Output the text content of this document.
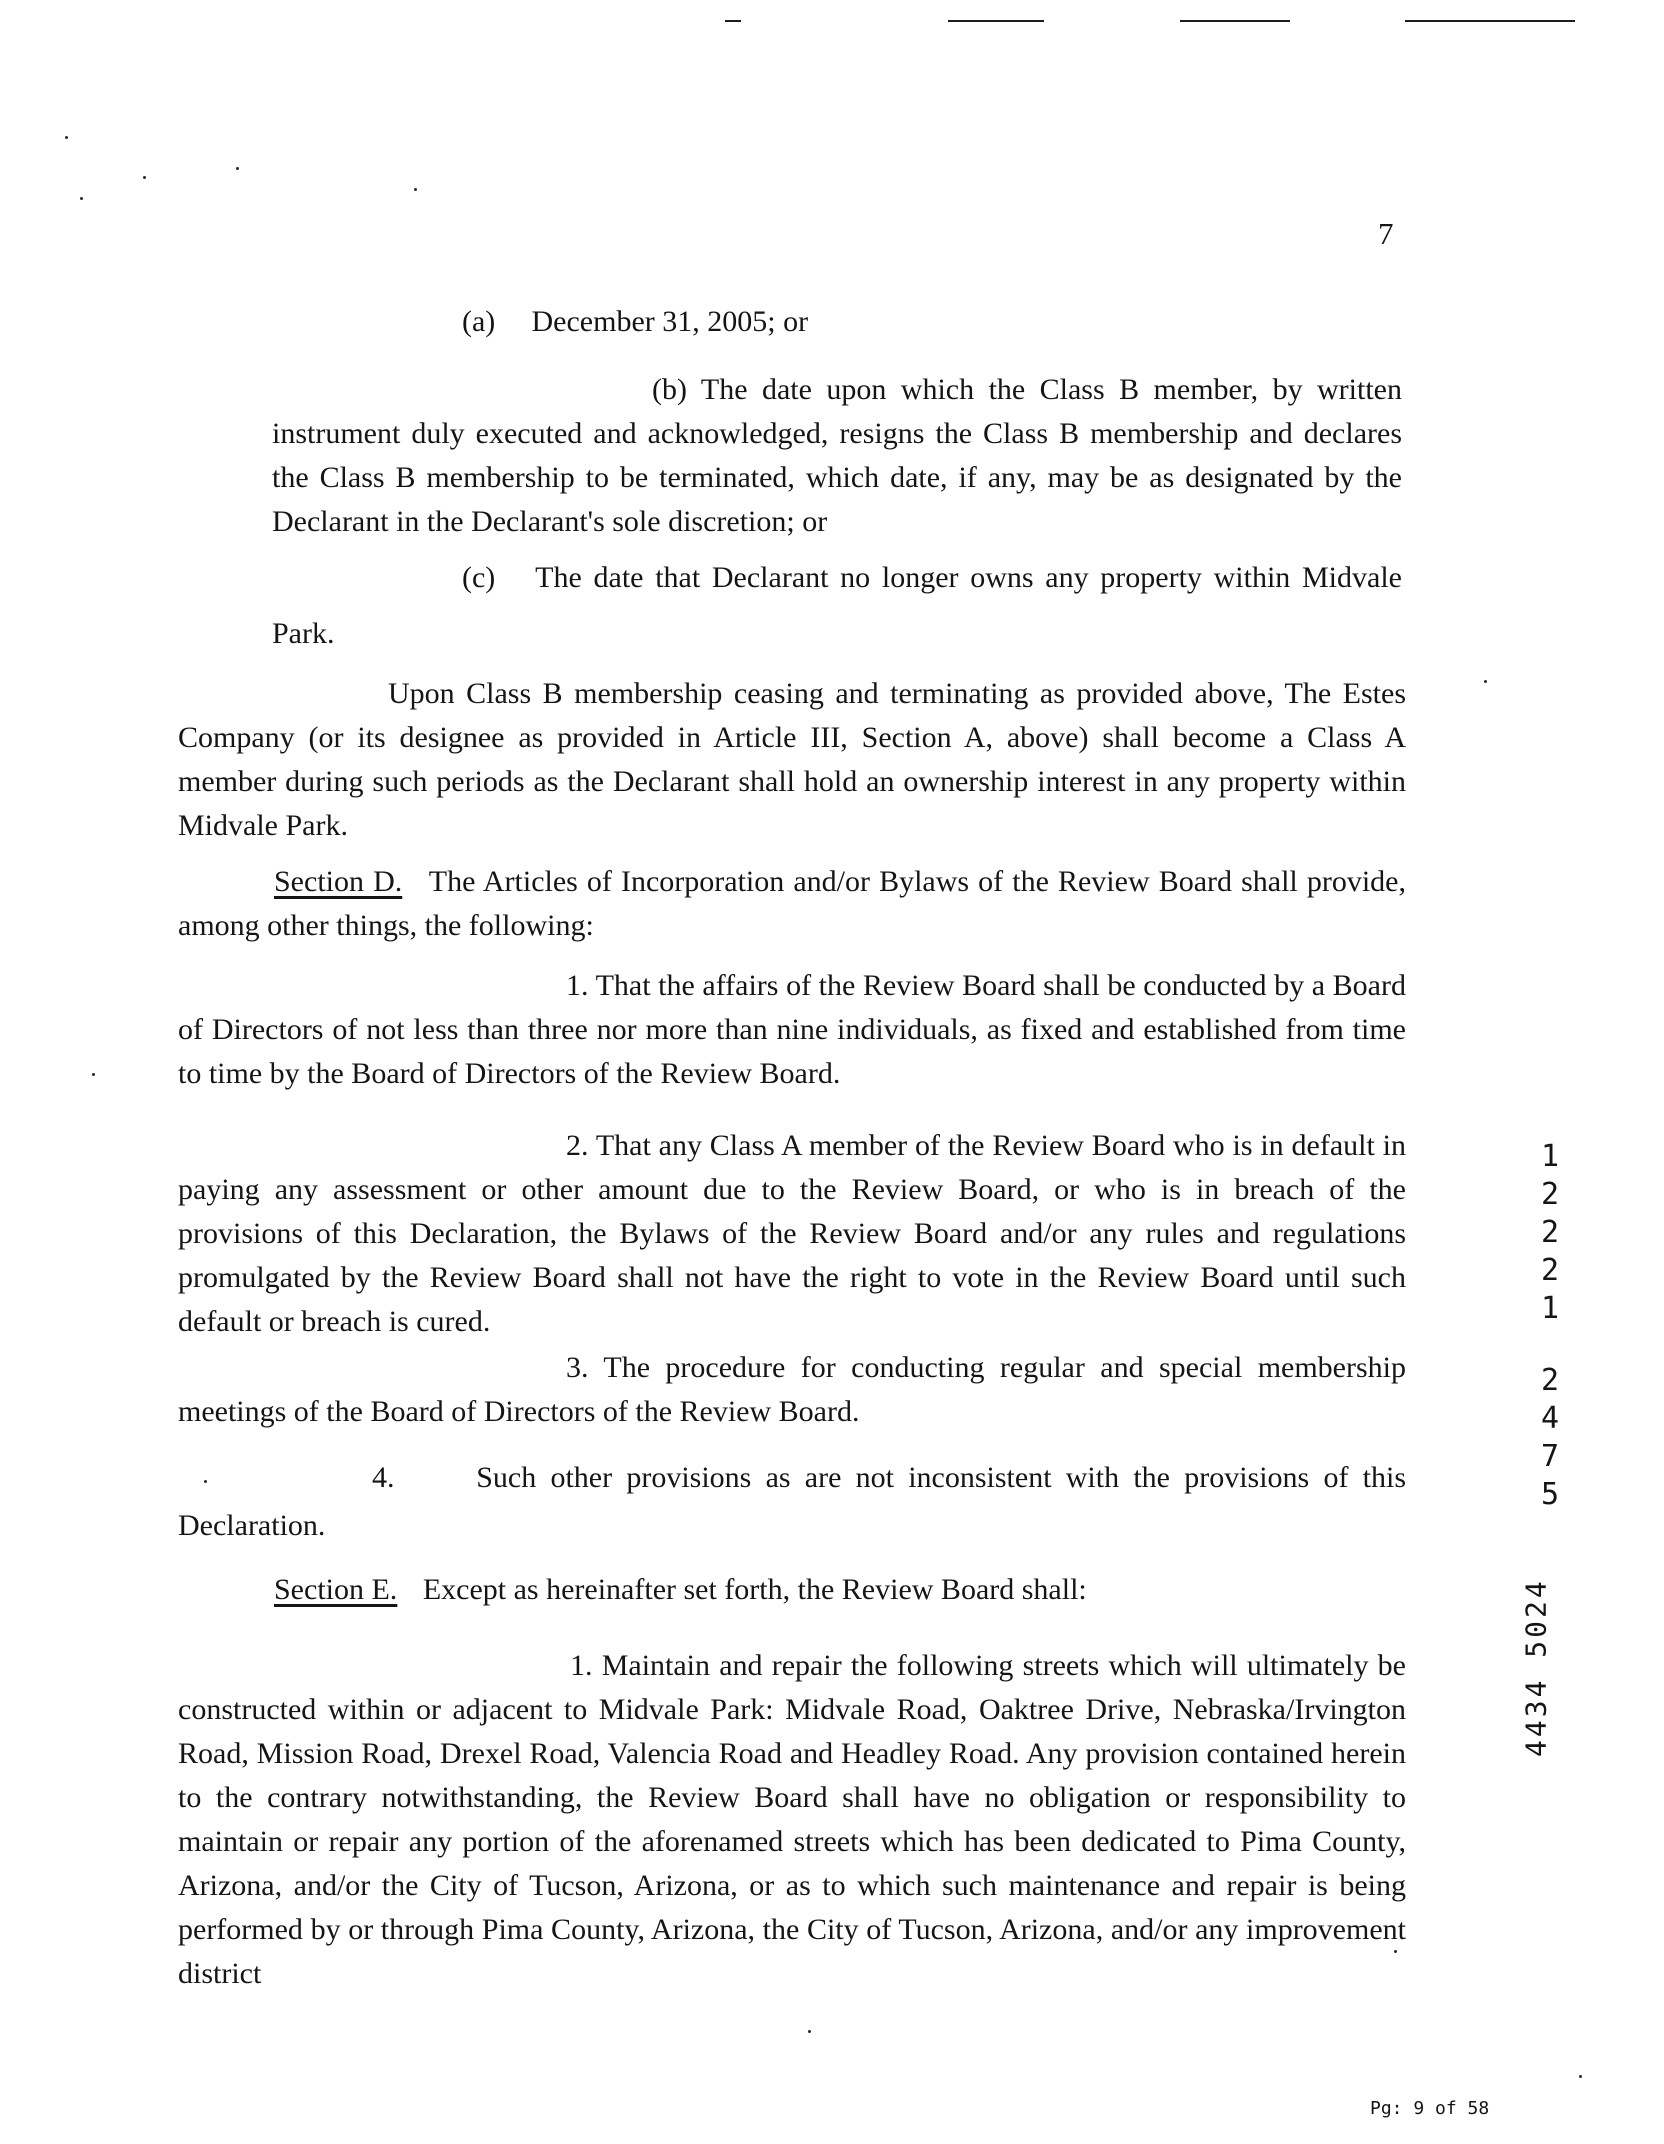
7
(a) December 31, 2005; or
(b) The date upon which the Class B member, by written instrument duly executed and acknowledged, resigns the Class B membership and declares the Class B membership to be terminated, which date, if any, may be as designated by the Declarant in the Declarant's sole discretion; or
(c) The date that Declarant no longer owns any property within Midvale
Park.
Upon Class B membership ceasing and terminating as provided above, The Estes Company (or its designee as provided in Article III, Section A, above) shall become a Class A member during such periods as the Declarant shall hold an ownership interest in any property within Midvale Park.
Section D. The Articles of Incorporation and/or Bylaws of the Review Board shall provide, among other things, the following:
1. That the affairs of the Review Board shall be conducted by a Board of Directors of not less than three nor more than nine individuals, as fixed and established from time to time by the Board of Directors of the Review Board.
2. That any Class A member of the Review Board who is in default in paying any assessment or other amount due to the Review Board, or who is in breach of the provisions of this Declaration, the Bylaws of the Review Board and/or any rules and regulations promulgated by the Review Board shall not have the right to vote in the Review Board until such default or breach is cured.
3. The procedure for conducting regular and special membership meetings of the Board of Directors of the Review Board.
4.	Such other provisions as are not inconsistent with the provisions of this
Declaration.
Section E. Except as hereinafter set forth, the Review Board shall:
1. Maintain and repair the following streets which will ultimately be constructed within or adjacent to Midvale Park: Midvale Road, Oaktree Drive, Nebraska/Irvington Road, Mission Road, Drexel Road, Valencia Road and Headley Road. Any provision contained herein to the contrary notwithstanding, the Review Board shall have no obligation or responsibility to maintain or repair any portion of the aforenamed streets which has been dedicated to Pima County, Arizona, and/or the City of Tucson, Arizona, or as to which such maintenance and repair is being performed by or through Pima County, Arizona, the City of Tucson, Arizona, and/or any improvement district
1
2
2
2
1
2
4
7
5
4434 5024
Pg: 9 of 58
